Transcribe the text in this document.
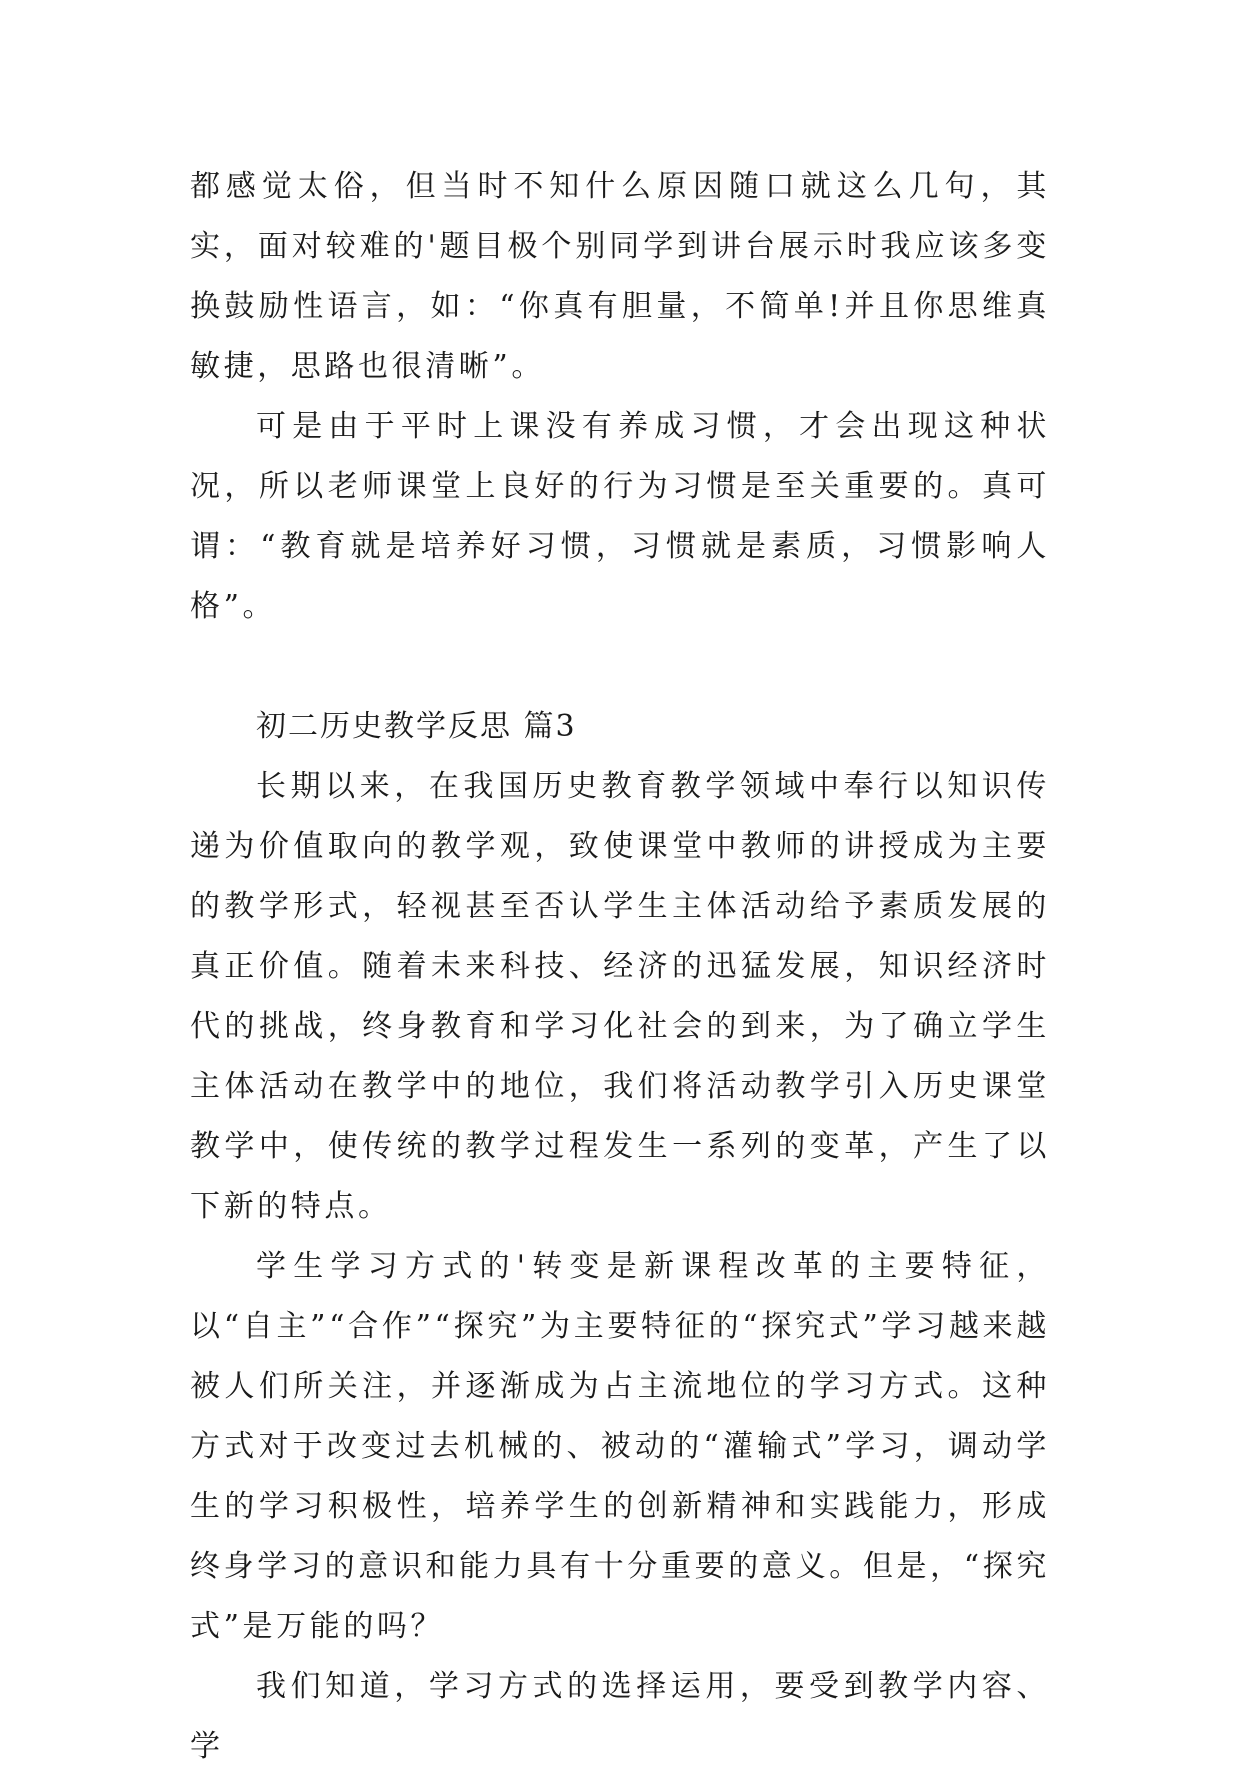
都感觉太俗，但当时不知什么原因随口就这么几句，其实，面对较难的'题目极个别同学到讲台展示时我应该多变换鼓励性语言，如：“你真有胆量，不简单!并且你思维真敏捷，思路也很清晰”。

可是由于平时上课没有养成习惯，才会出现这种状况，所以老师课堂上良好的行为习惯是至关重要的。真可谓：“教育就是培养好习惯，习惯就是素质，习惯影响人格”。

初二历史教学反思 篇3

长期以来，在我国历史教育教学领域中奉行以知识传递为价值取向的教学观，致使课堂中教师的讲授成为主要的教学形式，轻视甚至否认学生主体活动给予素质发展的真正价值。随着未来科技、经济的迅猛发展，知识经济时代的挑战，终身教育和学习化社会的到来，为了确立学生主体活动在教学中的地位，我们将活动教学引入历史课堂教学中，使传统的教学过程发生一系列的变革，产生了以下新的特点。

学生学习方式的'转变是新课程改革的主要特征，以“自主”“合作”“探究”为主要特征的“探究式”学习越来越被人们所关注，并逐渐成为占主流地位的学习方式。这种方式对于改变过去机械的、被动的“灌输式”学习，调动学生的学习积极性，培养学生的创新精神和实践能力，形成终身学习的意识和能力具有十分重要的意义。但是，“探究式”是万能的吗？

我们知道，学习方式的选择运用，要受到教学内容、学
